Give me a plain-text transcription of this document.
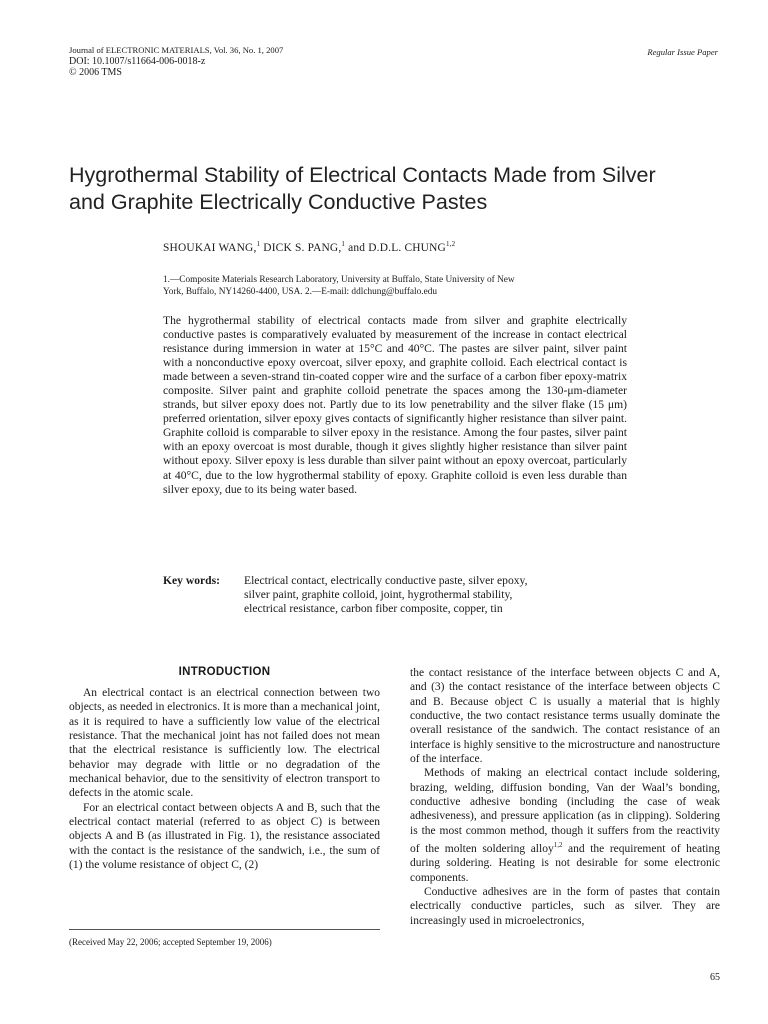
Journal of ELECTRONIC MATERIALS, Vol. 36, No. 1, 2007
DOI: 10.1007/s11664-006-0018-z
© 2006 TMS
Regular Issue Paper
Hygrothermal Stability of Electrical Contacts Made from Silver
and Graphite Electrically Conductive Pastes
SHOUKAI WANG,$^1$ DICK S. PANG,$^1$ and D.D.L. CHUNG$^{1,2}$
1.—Composite Materials Research Laboratory, University at Buffalo, State University of New
York, Buffalo, NY14260-4400, USA. 2.—E-mail: ddlchung@buffalo.edu
The hygrothermal stability of electrical contacts made from silver and graphite electrically conductive pastes is comparatively evaluated by measurement of the increase in contact electrical resistance during immersion in water at 15°C and 40°C. The pastes are silver paint, silver paint with a nonconductive epoxy overcoat, silver epoxy, and graphite colloid. Each electrical contact is made between a seven-strand tin-coated copper wire and the surface of a carbon fiber epoxy-matrix composite. Silver paint and graphite colloid penetrate the spaces among the 130-μm-diameter strands, but silver epoxy does not. Partly due to its low penetrability and the silver flake (15 μm) preferred orientation, silver epoxy gives contacts of significantly higher resistance than silver paint. Graphite colloid is comparable to silver epoxy in the resistance. Among the four pastes, silver paint with an epoxy overcoat is most durable, though it gives slightly higher resistance than silver paint without epoxy. Silver epoxy is less durable than silver paint without an epoxy overcoat, particularly at 40°C, due to the low hygrothermal stability of epoxy. Graphite colloid is even less durable than silver epoxy, due to its being water based.
Key words: Electrical contact, electrically conductive paste, silver epoxy,
silver paint, graphite colloid, joint, hygrothermal stability,
electrical resistance, carbon fiber composite, copper, tin
INTRODUCTION

An electrical contact is an electrical connection between two objects, as needed in electronics. It is more than a mechanical joint, as it is required to have a sufficiently low value of the electrical resistance. That the mechanical joint has not failed does not mean that the electrical resistance is sufficiently low. The electrical behavior may degrade with little or no degradation of the mechanical behavior, due to the sensitivity of electron transport to defects in the atomic scale.

For an electrical contact between objects A and B, such that the electrical contact material (referred to as object C) is between objects A and B (as illustrated in Fig. 1), the resistance associated with the contact is the resistance of the sandwich, i.e., the sum of (1) the volume resistance of object C, (2)

(Received May 22, 2006; accepted September 19, 2006)

the contact resistance of the interface between objects C and A, and (3) the contact resistance of the interface between objects C and B. Because object C is usually a material that is highly conductive, the two contact resistance terms usually dominate the overall resistance of the sandwich. The contact resistance of an interface is highly sensitive to the microstructure and nanostructure of the interface.

Methods of making an electrical contact include soldering, brazing, welding, diffusion bonding, Van der Waal’s bonding, conductive adhesive bonding (including the case of weak adhesiveness), and pressure application (as in clipping). Soldering is the most common method, though it suffers from the reactivity of the molten soldering alloy$^{1,2}$ and the requirement of heating during soldering. Heating is not desirable for some electronic components.

Conductive adhesives are in the form of pastes that contain electrically conductive particles, such as silver. They are increasingly used in microelectronics,

65
